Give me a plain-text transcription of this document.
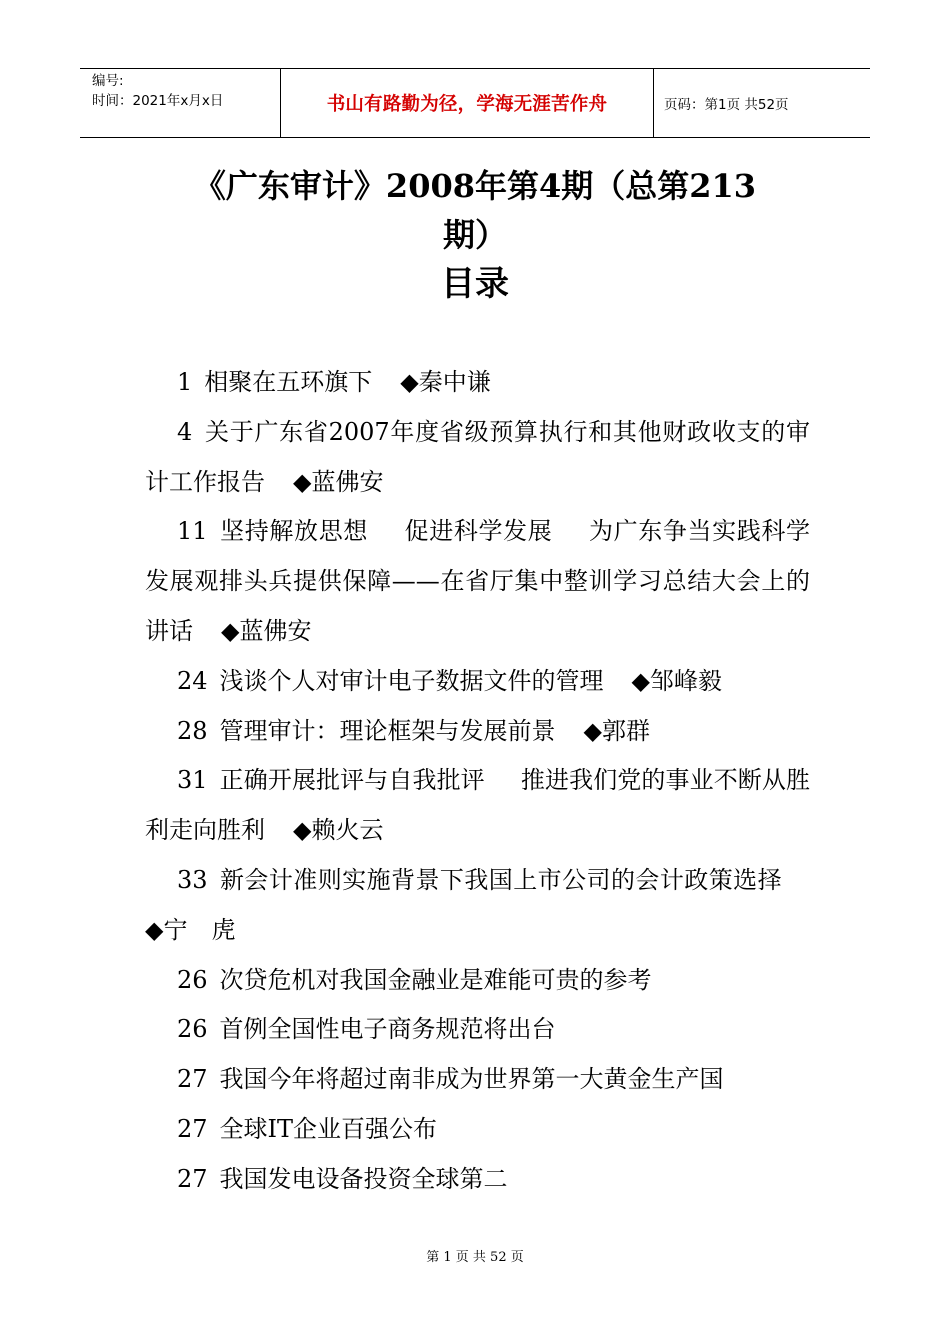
编号:
时间：2021年x月x日	书山有路勤为径，学海无涯苦作舟	页码：第1页 共52页
《广东审计》2008年第4期（总第213
期）
目录

1 相聚在五环旗下 ◆秦中谦

4 关于广东省2007年度省级预算执行和其他财政收支的审计工作报告 ◆蓝佛安

11 坚持解放思想 促进科学发展 为广东争当实践科学发展观排头兵提供保障——在省厅集中整训学习总结大会上的讲话 ◆蓝佛安

24 浅谈个人对审计电子数据文件的管理 ◆邹峰毅

28 管理审计：理论框架与发展前景 ◆郭群

31 正确开展批评与自我批评 推进我们党的事业不断从胜利走向胜利 ◆赖火云

33 新会计准则实施背景下我国上市公司的会计政策选择◆宁　虎

26 次贷危机对我国金融业是难能可贵的参考

26 首例全国性电子商务规范将出台

27 我国今年将超过南非成为世界第一大黄金生产国

27 全球IT企业百强公布

27 我国发电设备投资全球第二

第 1 页 共 52 页
